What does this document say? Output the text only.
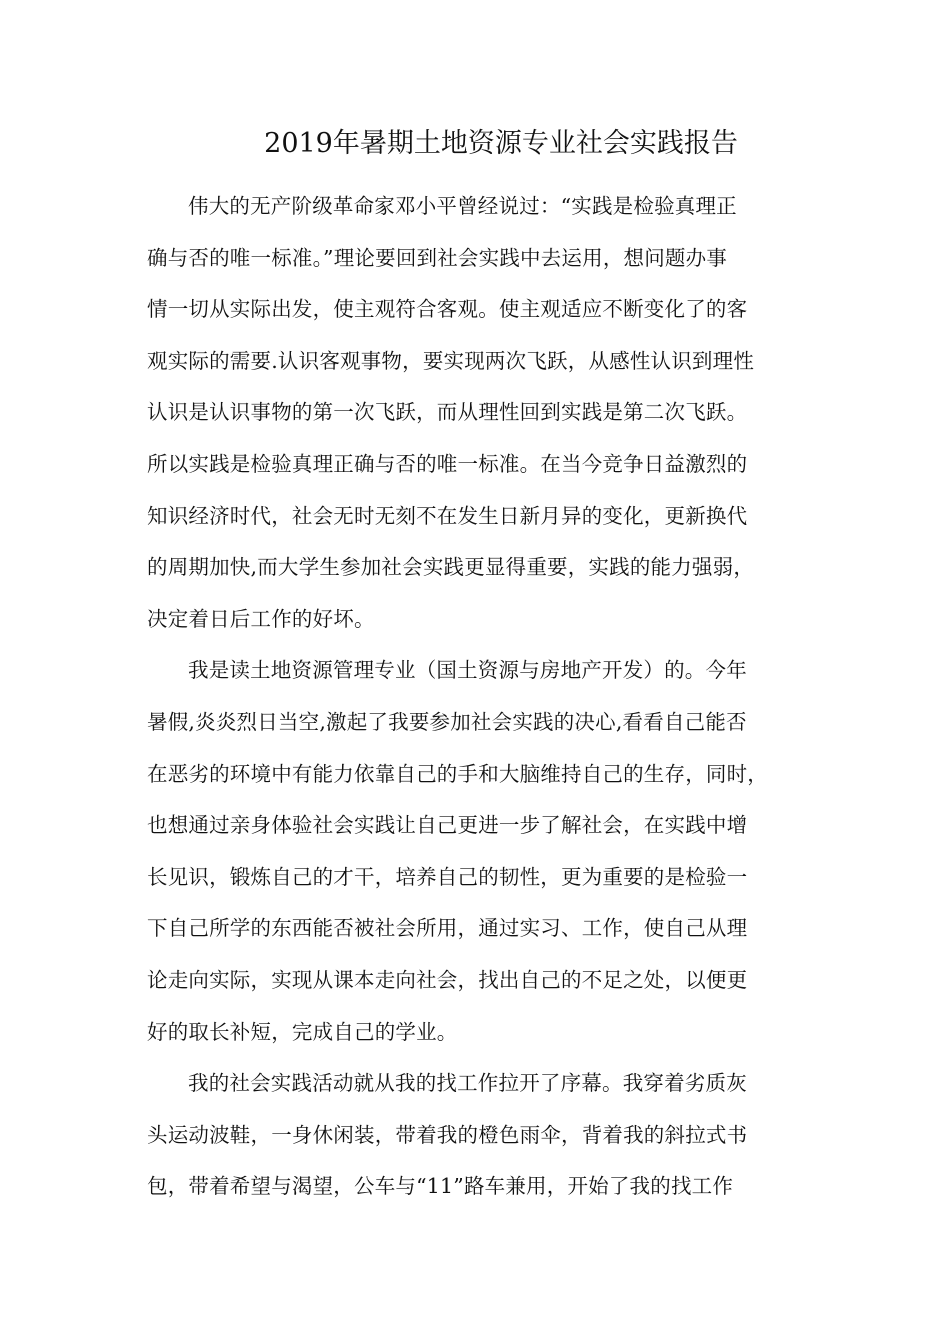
2019年暑期土地资源专业社会实践报告
伟大的无产阶级革命家邓小平曾经说过：“实践是检验真理正
确与否的唯一标准。”理论要回到社会实践中去运用，想问题办事
情一切从实际出发，使主观符合客观。使主观适应不断变化了的客
观实际的需要.认识客观事物，要实现两次飞跃，从感性认识到理性
认识是认识事物的第一次飞跃，而从理性回到实践是第二次飞跃。
所以实践是检验真理正确与否的唯一标准。在当今竞争日益激烈的
知识经济时代，社会无时无刻不在发生日新月异的变化，更新换代
的周期加快,而大学生参加社会实践更显得重要，实践的能力强弱，
决定着日后工作的好坏。
我是读土地资源管理专业（国土资源与房地产开发）的。今年
暑假,炎炎烈日当空,激起了我要参加社会实践的决心,看看自己能否
在恶劣的环境中有能力依靠自己的手和大脑维持自己的生存，同时，
也想通过亲身体验社会实践让自己更进一步了解社会，在实践中增
长见识，锻炼自己的才干，培养自己的韧性，更为重要的是检验一
下自己所学的东西能否被社会所用，通过实习、工作，使自己从理
论走向实际，实现从课本走向社会，找出自己的不足之处，以便更
好的取长补短，完成自己的学业。
我的社会实践活动就从我的找工作拉开了序幕。我穿着劣质灰
头运动波鞋，一身休闲装，带着我的橙色雨伞，背着我的斜拉式书
包，带着希望与渴望，公车与“11”路车兼用，开始了我的找工作
